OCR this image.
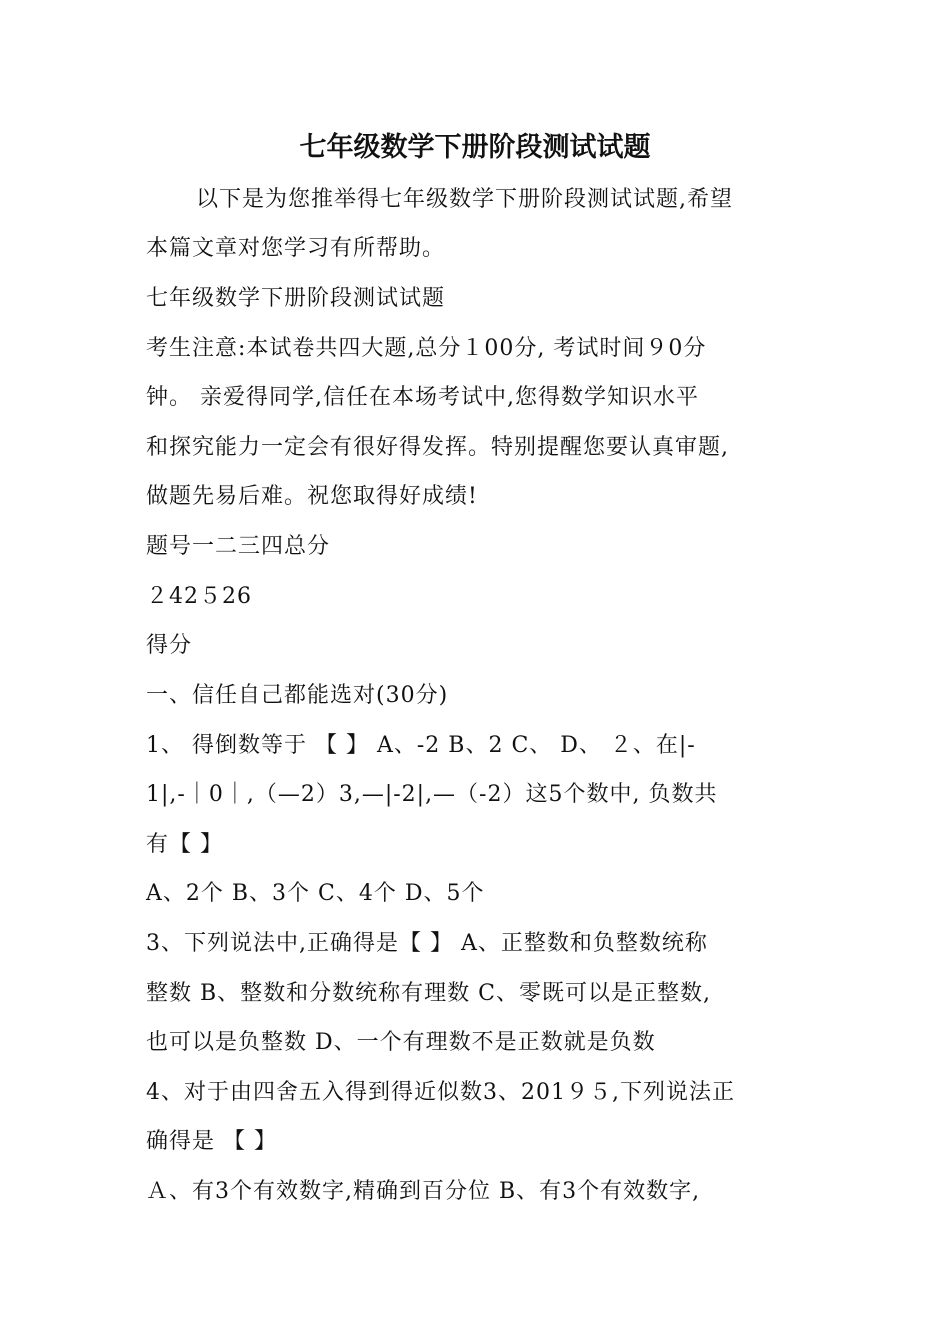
七年级数学下册阶段测试试题
以下是为您推举得七年级数学下册阶段测试试题,希望
本篇文章对您学习有所帮助。
七年级数学下册阶段测试试题
考生注意:本试卷共四大题,总分１00分, 考试时间９0分
钟。 亲爱得同学,信任在本场考试中,您得数学知识水平
和探究能力一定会有很好得发挥。特别提醒您要认真审题,
做题先易后难。祝您取得好成绩!
题号一二三四总分
２42５26
得分
一、信任自己都能选对(30分)
1、 得倒数等于 【 】 A、-2 B、2 C、 D、 ２、在|-
1|,-｜0｜,（—2）3,—|-2|,—（-2）这5个数中, 负数共
有【 】
A、2个 B、3个 C、4个 D、5个
3、下列说法中,正确得是【 】 A、正整数和负整数统称
整数 B、整数和分数统称有理数 C、零既可以是正整数,
也可以是负整数 D、一个有理数不是正数就是负数
4、对于由四舍五入得到得近似数3、201９５,下列说法正
确得是 【 】
Ａ、有3个有效数字,精确到百分位 B、有3个有效数字,
